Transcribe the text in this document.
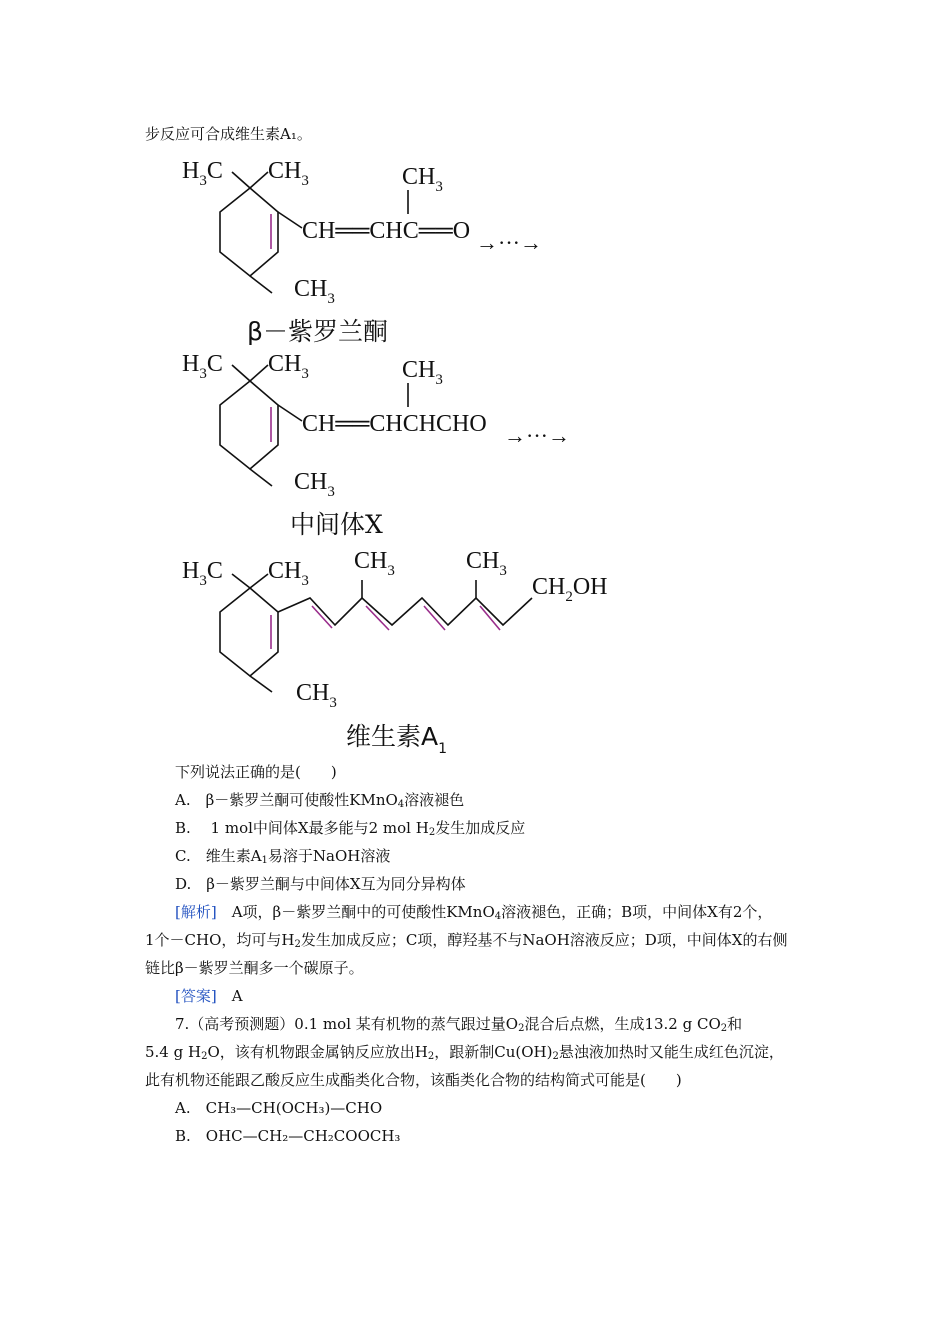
步反应可合成维生素A₁。
$H_3C$ $CH_3$	$CH_3$
CH══CHC══O →···→
$CH_3$
β－紫罗兰酮
$H_3C$ $CH_3$	$CH_3$
CH══CHCHCHO →···→
$CH_3$
中间体X
$H_3C$ $CH_3$
$CH_3$	$CH_3$
$CH_2OH$
$CH_3$
维生素$A_1$
下列说法正确的是(　　)
A.　β－紫罗兰酮可使酸性KMnO$_4$溶液褪色
B.　 1 mol中间体X最多能与2 mol $H_2$发生加成反应
C.　维生素$A_1$易溶于NaOH溶液
D.　β－紫罗兰酮与中间体X互为同分异构体
[解析]　A项，β－紫罗兰酮中的可使酸性KMnO$_4$溶液褪色，正确；B项，中间体X有2个，
1个－CHO，均可与$H_2$发生加成反应；C项，醇羟基不与NaOH溶液反应；D项，中间体X的右侧
链比β－紫罗兰酮多一个碳原子。
[答案]　A
7.（高考预测题）0.1 mol 某有机物的蒸气跟过量$O_2$混合后点燃，生成13.2 g $CO_2$和
5.4 g $H_2O$，该有机物跟金属钠反应放出$H_2$，跟新制$Cu(OH)_2$悬浊液加热时又能生成红色沉淀，
此有机物还能跟乙酸反应生成酯类化合物，该酯类化合物的结构简式可能是(　　)
A.　CH₃—CH(OCH₃)—CHO
B.　OHC—CH₂—CH₂COOCH₃
